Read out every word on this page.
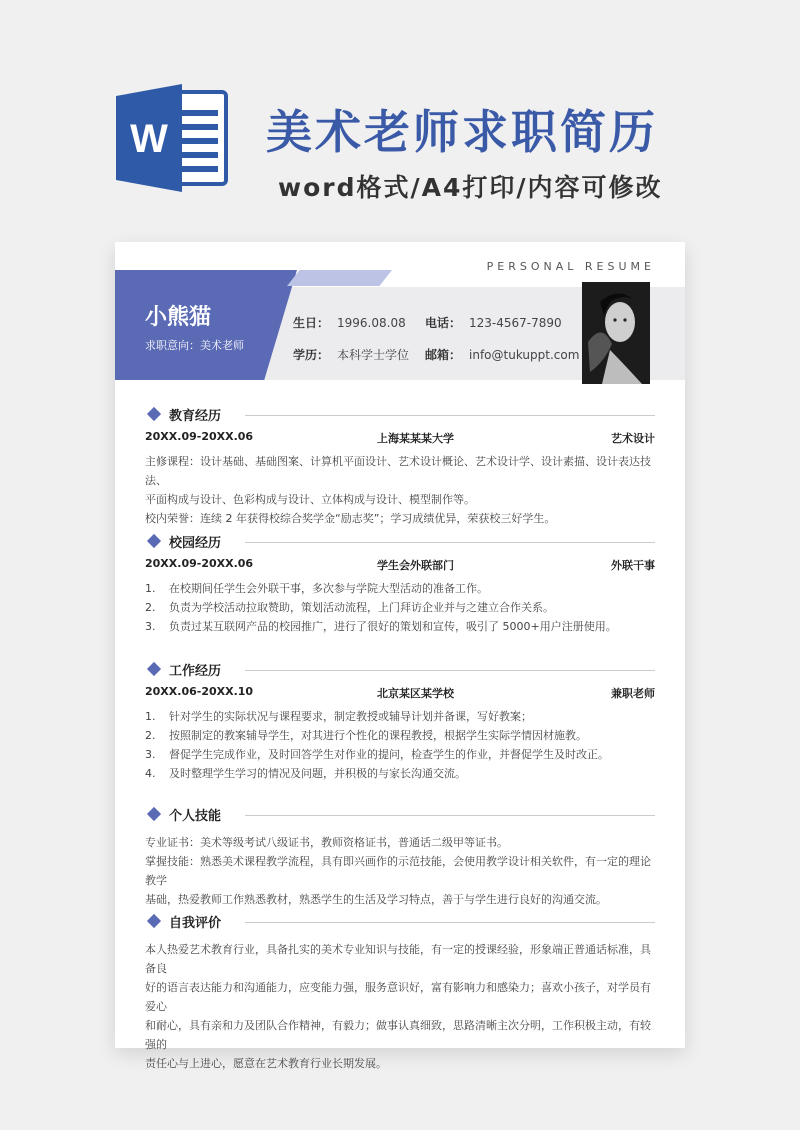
W 美术老师求职简历
word格式/A4打印/内容可修改
PERSONAL RESUME
小熊猫
求职意向：美术老师
生日： 1996.08.08 电话： 123-4567-7890
学历： 本科学士学位 邮箱： info@tukuppt.com
教育经历
20XX.09-20XX.06	上海某某某大学	艺术设计

主修课程：设计基础、基础图案、计算机平面设计、艺术设计概论、艺术设计学、设计素描、设计表达技法、

平面构成与设计、色彩构成与设计、立体构成与设计、模型制作等。

校内荣誉：连续 2 年获得校综合奖学金“励志奖”；学习成绩优异，荣获校三好学生。

校园经历
20XX.09-20XX.06	学生会外联部门	外联干事

1. 在校期间任学生会外联干事，多次参与学院大型活动的准备工作。

2. 负责为学校活动拉取赞助，策划活动流程，上门拜访企业并与之建立合作关系。

3. 负责过某互联网产品的校园推广，进行了很好的策划和宣传，吸引了 5000+用户注册使用。

工作经历
20XX.06-20XX.10	北京某区某学校	兼职老师

1. 针对学生的实际状况与课程要求，制定教授或辅导计划并备课，写好教案；

2. 按照制定的教案辅导学生，对其进行个性化的课程教授，根据学生实际学情因材施教。

3. 督促学生完成作业，及时回答学生对作业的提问，检查学生的作业，并督促学生及时改正。

4. 及时整理学生学习的情况及问题，并积极的与家长沟通交流。

个人技能

专业证书：美术等级考试八级证书，教师资格证书，普通话二级甲等证书。

掌握技能：熟悉美术课程教学流程，具有即兴画作的示范技能，会使用教学设计相关软件，有一定的理论教学

基础，热爱教师工作熟悉教材，熟悉学生的生活及学习特点，善于与学生进行良好的沟通交流。

自我评价

本人热爱艺术教育行业，具备扎实的美术专业知识与技能，有一定的授课经验，形象端正普通话标准，具备良

好的语言表达能力和沟通能力，应变能力强，服务意识好，富有影响力和感染力；喜欢小孩子，对学员有爱心

和耐心，具有亲和力及团队合作精神，有毅力；做事认真细致，思路清晰主次分明，工作积极主动，有较强的

责任心与上进心，愿意在艺术教育行业长期发展。
